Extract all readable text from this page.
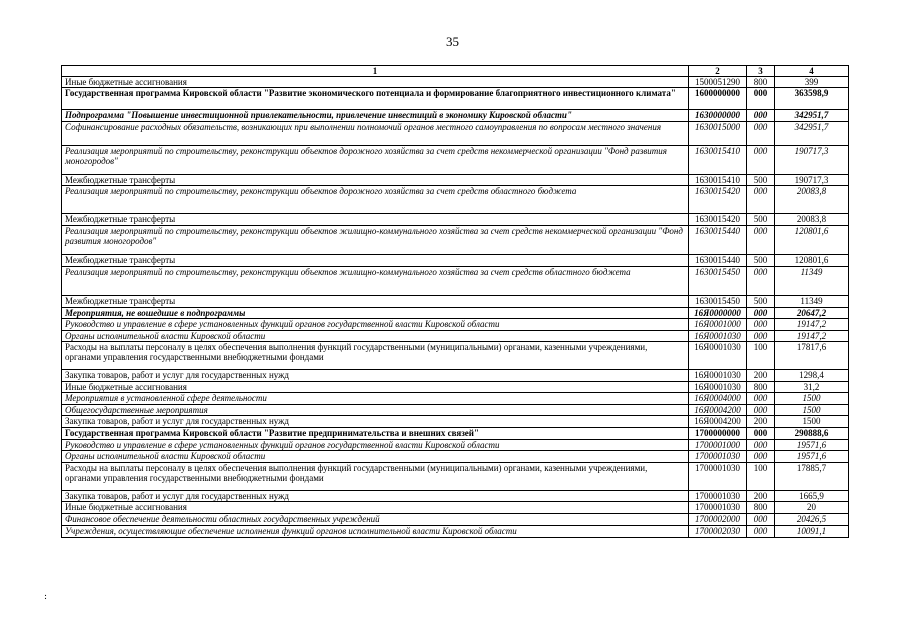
35
1	2	3	4
Иные бюджетные ассигнования	1500051290	800	399
Государственная программа Кировской области "Развитие экономического потенциала и формирование благоприятного инвестиционного климата"	1600000000	000	363598,9
Подпрограмма "Повышение инвестиционной привлекательности, привлечение инвестиций в экономику Кировской области"	1630000000	000	342951,7
Софинансирование расходных обязательств, возникающих при выполнении полномочий органов местного самоуправления по вопросам местного значения	1630015000	000	342951,7
Реализация мероприятий по строительству, реконструкции объектов дорожного хозяйства за счет средств некоммерческой организации "Фонд развития моногородов"	1630015410	000	190717,3
Межбюджетные трансферты	1630015410	500	190717,3
Реализация мероприятий по строительству, реконструкции объектов дорожного хозяйства за счет средств областного бюджета	1630015420	000	20083,8
Межбюджетные трансферты	1630015420	500	20083,8
Реализация мероприятий по строительству, реконструкции объектов жилищно-коммунального хозяйства за счет средств некоммерческой организации "Фонд развития моногородов"	1630015440	000	120801,6
Межбюджетные трансферты	1630015440	500	120801,6
Реализация мероприятий по строительству, реконструкции объектов жилищно-коммунального хозяйства за счет средств областного бюджета	1630015450	000	11349
Межбюджетные трансферты	1630015450	500	11349
Мероприятия, не вошедшие в подпрограммы	16Я0000000	000	20647,2
Руководство и управление в сфере установленных функций органов государственной власти Кировской области	16Я0001000	000	19147,2
Органы исполнительной власти Кировской области	16Я0001030	000	19147,2
Расходы на выплаты персоналу в целях обеспечения выполнения функций государственными (муниципальными) органами, казенными учреждениями, органами управления государственными внебюджетными фондами	16Я0001030	100	17817,6
Закупка товаров, работ и услуг для государственных нужд	16Я0001030	200	1298,4
Иные бюджетные ассигнования	16Я0001030	800	31,2
Мероприятия в установленной сфере деятельности	16Я0004000	000	1500
Общегосударственные мероприятия	16Я0004200	000	1500
Закупка товаров, работ и услуг для государственных нужд	16Я0004200	200	1500
Государственная программа Кировской области "Развитие предпринимательства и внешних связей"	1700000000	000	290888,6
Руководство и управление в сфере установленных функций органов государственной власти Кировской области	1700001000	000	19571,6
Органы исполнительной власти Кировской области	1700001030	000	19571,6
Расходы на выплаты персоналу в целях обеспечения выполнения функций государственными (муниципальными) органами, казенными учреждениями, органами управления государственными внебюджетными фондами	1700001030	100	17885,7
Закупка товаров, работ и услуг для государственных нужд	1700001030	200	1665,9
Иные бюджетные ассигнования	1700001030	800	20
Финансовое обеспечение деятельности областных государственных учреждений	1700002000	000	20426,5
Учреждения, осуществляющие обеспечение исполнения функций органов исполнительной власти Кировской области	1700002030	000	10091,1
:
